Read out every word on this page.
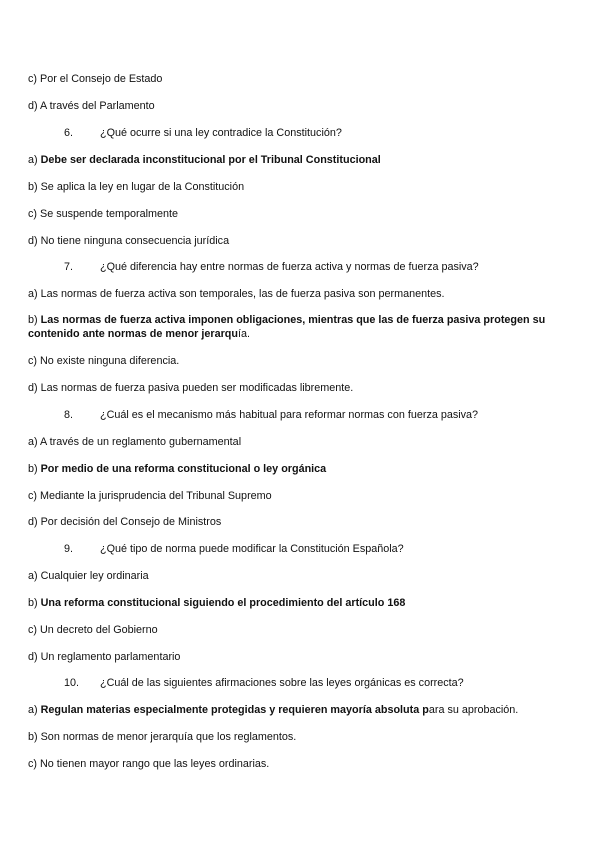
c) Por el Consejo de Estado
d) A través del Parlamento
6. ¿Qué ocurre si una ley contradice la Constitución?
a) Debe ser declarada inconstitucional por el Tribunal Constitucional
b) Se aplica la ley en lugar de la Constitución
c) Se suspende temporalmente
d) No tiene ninguna consecuencia jurídica
7. ¿Qué diferencia hay entre normas de fuerza activa y normas de fuerza pasiva?
a) Las normas de fuerza activa son temporales, las de fuerza pasiva son permanentes.
b) Las normas de fuerza activa imponen obligaciones, mientras que las de fuerza pasiva protegen su contenido ante normas de menor jerarquía.
c) No existe ninguna diferencia.
d) Las normas de fuerza pasiva pueden ser modificadas libremente.
8. ¿Cuál es el mecanismo más habitual para reformar normas con fuerza pasiva?
a) A través de un reglamento gubernamental
b) Por medio de una reforma constitucional o ley orgánica
c) Mediante la jurisprudencia del Tribunal Supremo
d) Por decisión del Consejo de Ministros
9. ¿Qué tipo de norma puede modificar la Constitución Española?
a) Cualquier ley ordinaria
b) Una reforma constitucional siguiendo el procedimiento del artículo 168
c) Un decreto del Gobierno
d) Un reglamento parlamentario
10. ¿Cuál de las siguientes afirmaciones sobre las leyes orgánicas es correcta?
a) Regulan materias especialmente protegidas y requieren mayoría absoluta para su aprobación.
b) Son normas de menor jerarquía que los reglamentos.
c) No tienen mayor rango que las leyes ordinarias.
